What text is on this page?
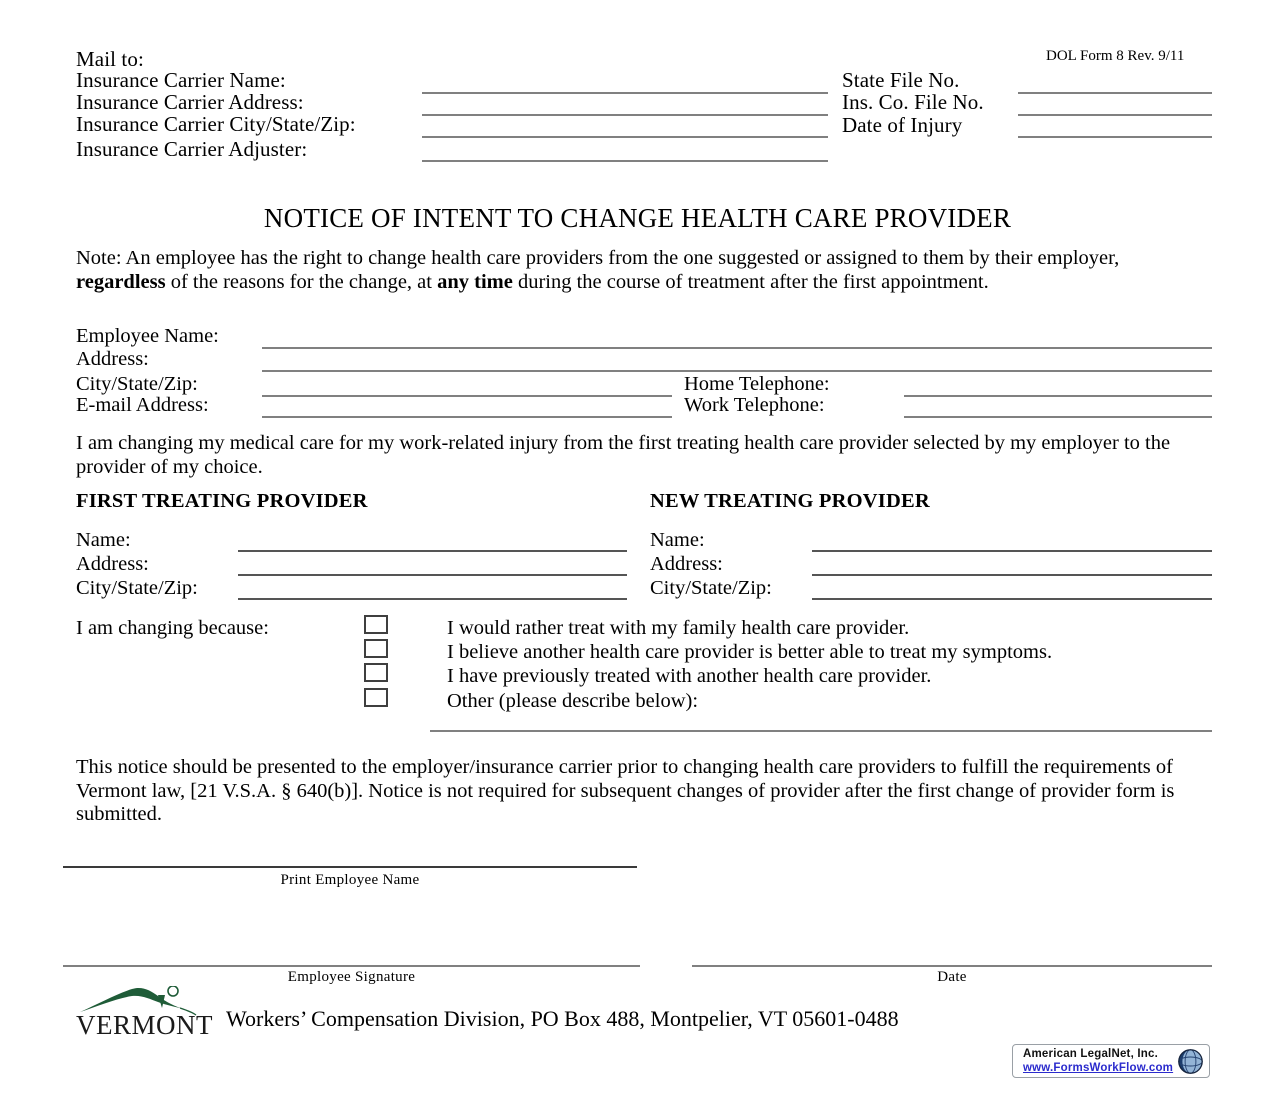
DOL Form 8 Rev. 9/11
Mail to:
Insurance Carrier Name:
Insurance Carrier Address:
Insurance Carrier City/State/Zip:
Insurance Carrier Adjuster:
State File No.
Ins. Co. File No.
Date of Injury
NOTICE OF INTENT TO CHANGE HEALTH CARE PROVIDER
Note: An employee has the right to change health care providers from the one suggested or assigned to them by their employer, regardless of the reasons for the change, at any time during the course of treatment after the first appointment.
Employee Name:
Address:
City/State/Zip:
E-mail Address:
Home Telephone:
Work Telephone:
I am changing my medical care for my work-related injury from the first treating health care provider selected by my employer to the provider of my choice.
FIRST TREATING PROVIDER	NEW TREATING PROVIDER
Name:
Address:
City/State/Zip:
Name:
Address:
City/State/Zip:
I am changing because:	I would rather treat with my family health care provider.
I believe another health care provider is better able to treat my symptoms.
I have previously treated with another health care provider.
Other (please describe below):
This notice should be presented to the employer/insurance carrier prior to changing health care providers to fulfill the requirements of Vermont law, [21 V.S.A. § 640(b)]. Notice is not required for subsequent changes of provider after the first change of provider form is submitted.
Print Employee Name
Employee Signature	Date
VERMONT Workers’ Compensation Division, PO Box 488, Montpelier, VT 05601-0488
American LegalNet, Inc.
www.FormsWorkFlow.com
